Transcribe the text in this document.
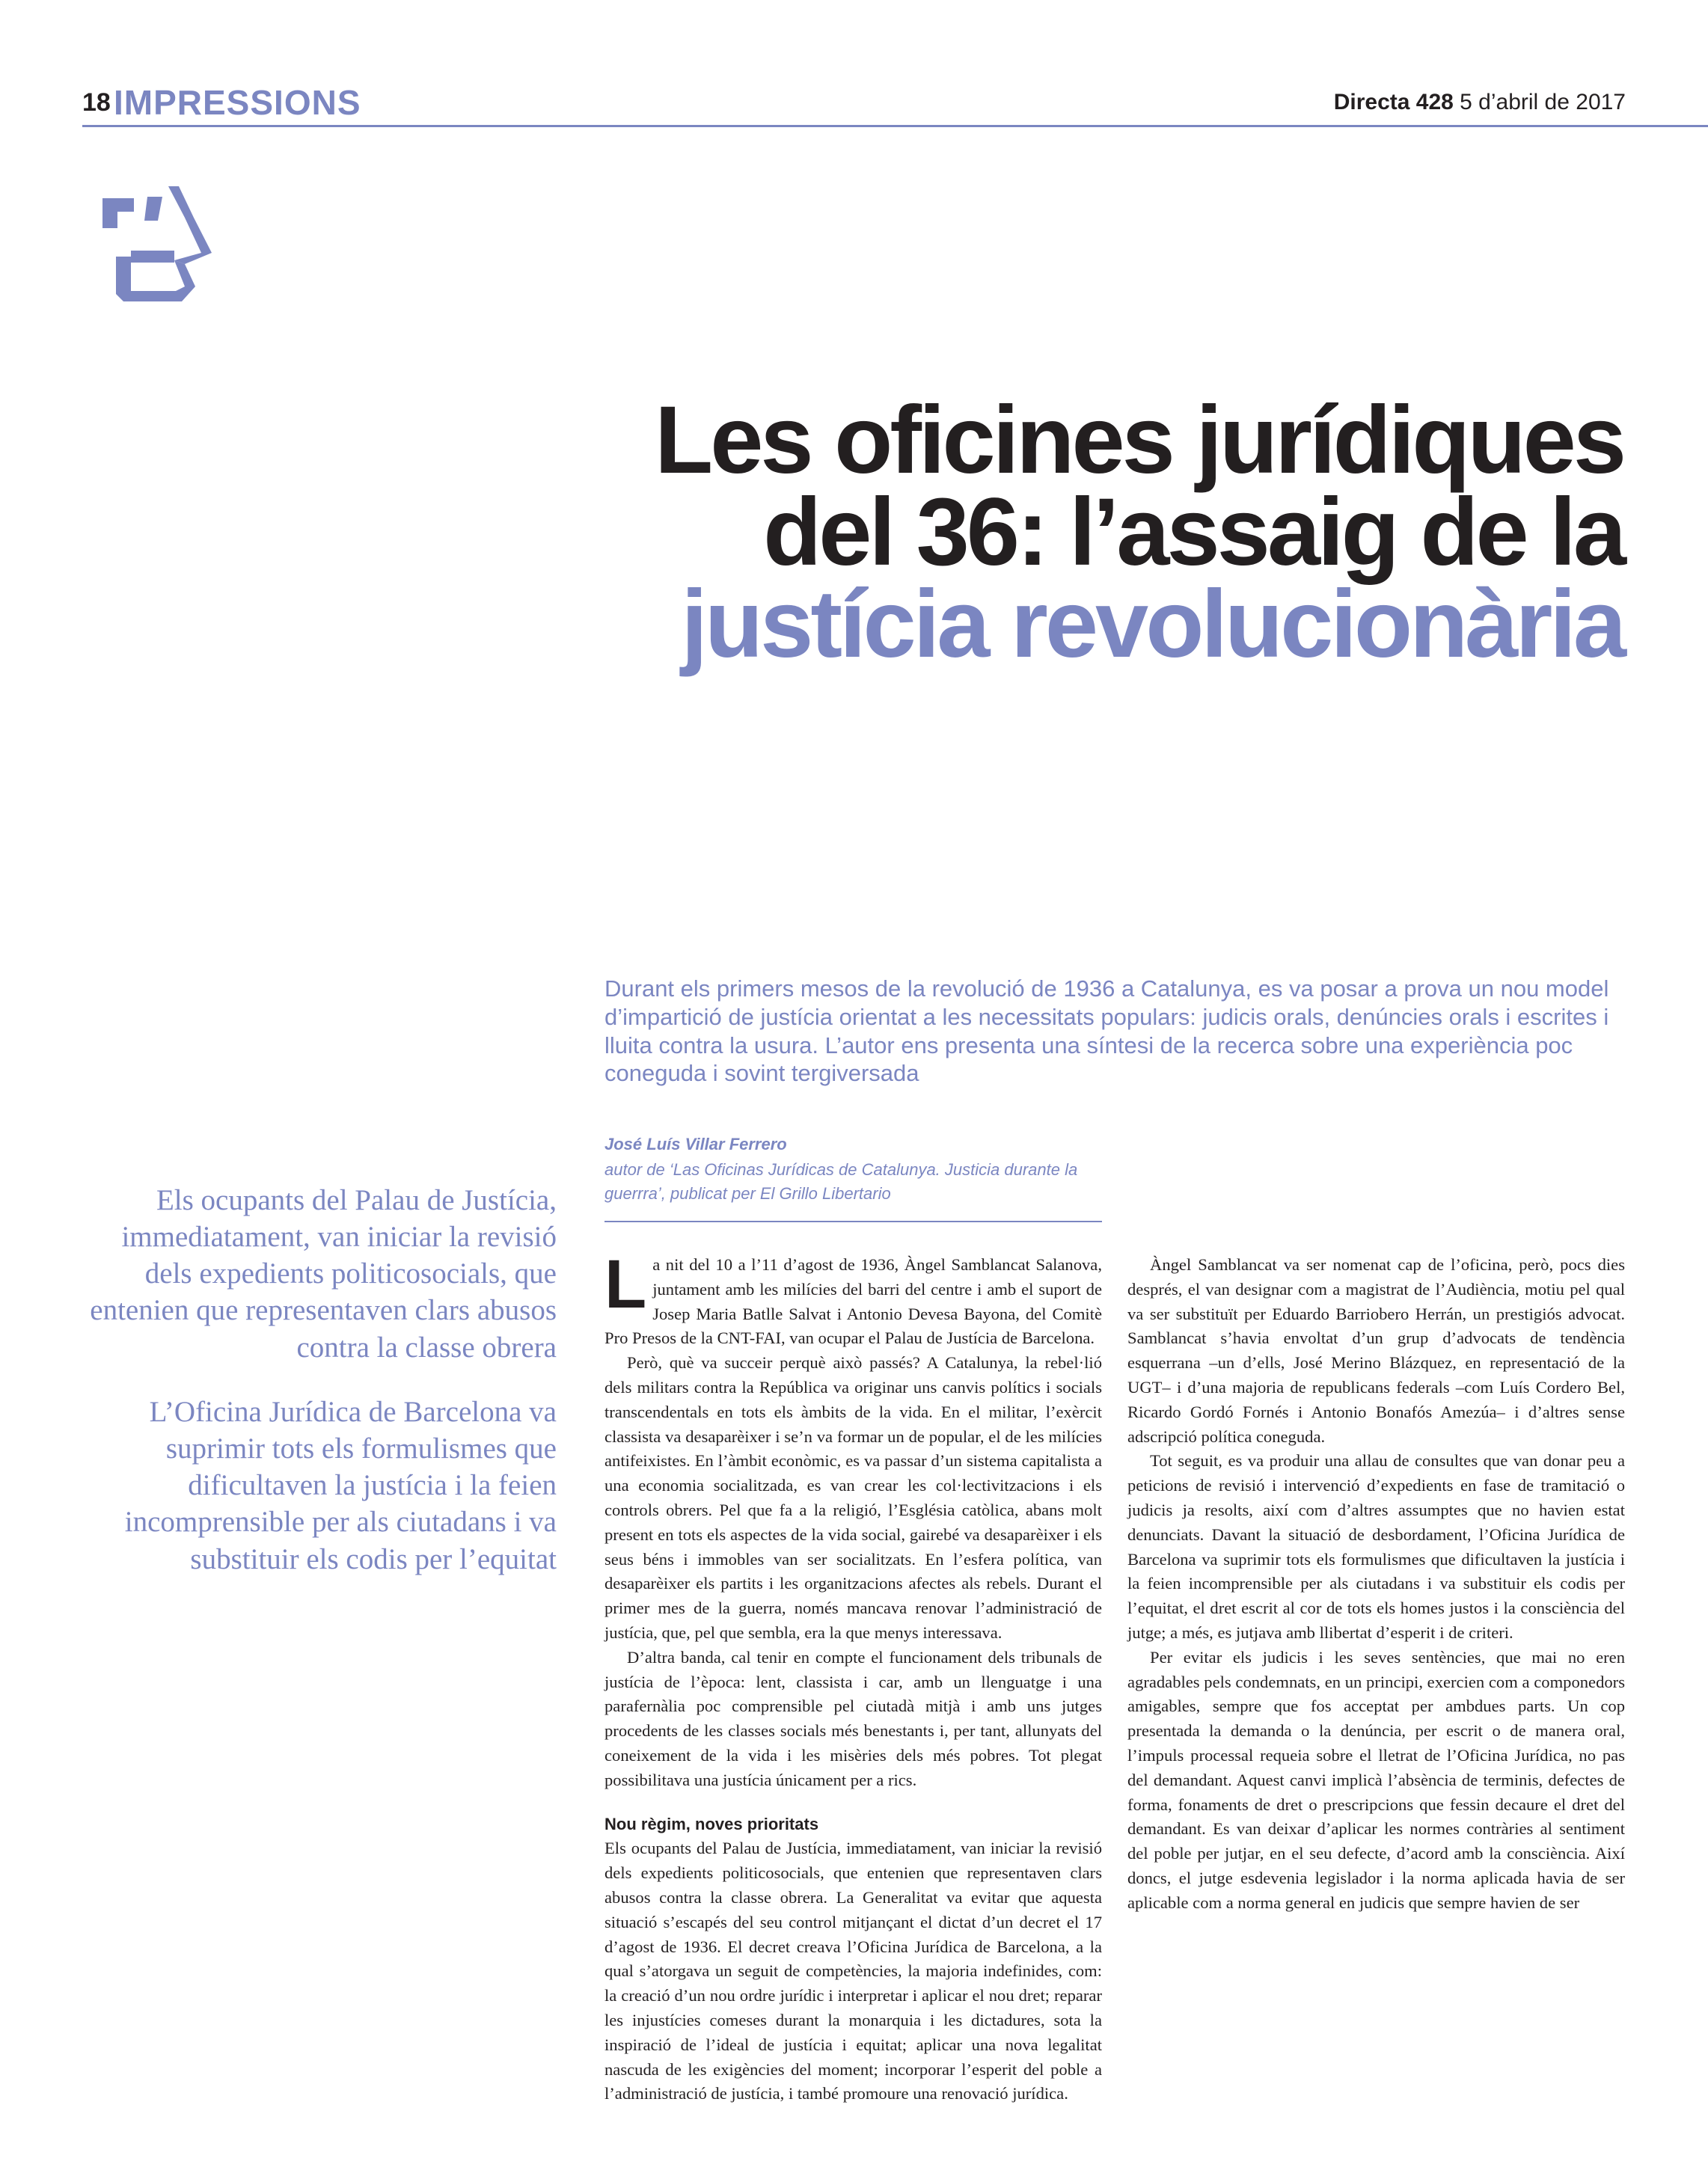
18 IMPRESSIONS	Directa 428 5 d’abril de 2017
Les oficines jurídiques
del 36: l’assaig de la
justícia revolucionària
Durant els primers mesos de la revolució de 1936 a Catalunya, es va posar a prova un nou model d’impartició de justícia orientat a les necessitats populars: judicis orals, denúncies orals i escrites i lluita contra la usura. L’autor ens presenta una síntesi de la recerca sobre una experiència poc coneguda i sovint tergiversada
José Luís Villar Ferrero
autor de ‘Las Oficinas Jurídicas de Catalunya. Justicia durante la guerrra’, publicat per El Grillo Libertario
Els ocupants del Palau de Justícia, immediatament, van iniciar la revisió dels expedients politicosocials, que entenien que representaven clars abusos contra la classe obrera
L’Oficina Jurídica de Barcelona va suprimir tots els formulismes que dificultaven la justícia i la feien incomprensible per als ciutadans i va substituir els codis per l’equitat

La nit del 10 a l’11 d’agost de 1936, Àngel Samblancat Salanova, juntament amb les milícies del barri del centre i amb el suport de Josep Maria Batlle Salvat i Antonio Devesa Bayona, del Comitè Pro Presos de la CNT-FAI, van ocupar el Palau de Justícia de Barcelona.

Però, què va succeir perquè això passés? A Catalunya, la rebel·lió dels militars contra la República va originar uns canvis polítics i socials transcendentals en tots els àmbits de la vida. En el militar, l’exèrcit classista va desaparèixer i se’n va formar un de popular, el de les milícies antifeixistes. En l’àmbit econòmic, es va passar d’un sistema capitalista a una economia socialitzada, es van crear les col·lectivitzacions i els controls obrers. Pel que fa a la religió, l’Església catòlica, abans molt present en tots els aspectes de la vida social, gairebé va desaparèixer i els seus béns i immobles van ser socialitzats. En l’esfera política, van desaparèixer els partits i les organitzacions afectes als rebels. Durant el primer mes de la guerra, només mancava renovar l’administració de justícia, que, pel que sembla, era la que menys interessava.

D’altra banda, cal tenir en compte el funcionament dels tribunals de justícia de l’època: lent, classista i car, amb un llenguatge i una parafernàlia poc comprensible pel ciutadà mitjà i amb uns jutges procedents de les classes socials més benestants i, per tant, allunyats del coneixement de la vida i les misèries dels més pobres. Tot plegat possibilitava una justícia únicament per a rics.

Nou règim, noves prioritats

Els ocupants del Palau de Justícia, immediatament, van iniciar la revisió dels expedients politicosocials, que entenien que representaven clars abusos contra la classe obrera. La Generalitat va evitar que aquesta situació s’escapés del seu control mitjançant el dictat d’un decret el 17 d’agost de 1936. El decret creava l’Oficina Jurídica de Barcelona, a la qual s’atorgava un seguit de competències, la majoria indefinides, com: la creació d’un nou ordre jurídic i interpretar i aplicar el nou dret; reparar les injustícies comeses durant la monarquia i les dictadures, sota la inspiració de l’ideal de justícia i equitat; aplicar una nova legalitat nascuda de les exigències del moment; incorporar l’esperit del poble a l’administració de justícia, i també promoure una renovació jurídica.

Àngel Samblancat va ser nomenat cap de l’oficina, però, pocs dies després, el van designar com a magistrat de l’Audiència, motiu pel qual va ser substituït per Eduardo Barriobero Herrán, un prestigiós advocat. Samblancat s’havia envoltat d’un grup d’advocats de tendència esquerrana –un d’ells, José Merino Blázquez, en representació de la UGT– i d’una majoria de republicans federals –com Luís Cordero Bel, Ricardo Gordó Fornés i Antonio Bonafós Amezúa– i d’altres sense adscripció política coneguda.

Tot seguit, es va produir una allau de consultes que van donar peu a peticions de revisió i intervenció d’expedients en fase de tramitació o judicis ja resolts, així com d’altres assumptes que no havien estat denunciats. Davant la situació de desbordament, l’Oficina Jurídica de Barcelona va suprimir tots els formulismes que dificultaven la justícia i la feien incomprensible per als ciutadans i va substituir els codis per l’equitat, el dret escrit al cor de tots els homes justos i la consciència del jutge; a més, es jutjava amb llibertat d’esperit i de criteri.

Per evitar els judicis i les seves sentències, que mai no eren agradables pels condemnats, en un principi, exercien com a componedors amigables, sempre que fos acceptat per ambdues parts. Un cop presentada la demanda o la denúncia, per escrit o de manera oral, l’impuls processal requeia sobre el lletrat de l’Oficina Jurídica, no pas del demandant. Aquest canvi implicà l’absència de terminis, defectes de forma, fonaments de dret o prescripcions que fessin decaure el dret del demandant. Es van deixar d’aplicar les normes contràries al sentiment del poble per jutjar, en el seu defecte, d’acord amb la consciència. Així doncs, el jutge esdevenia legislador i la norma aplicada havia de ser aplicable com a norma general en judicis que sempre havien de ser
